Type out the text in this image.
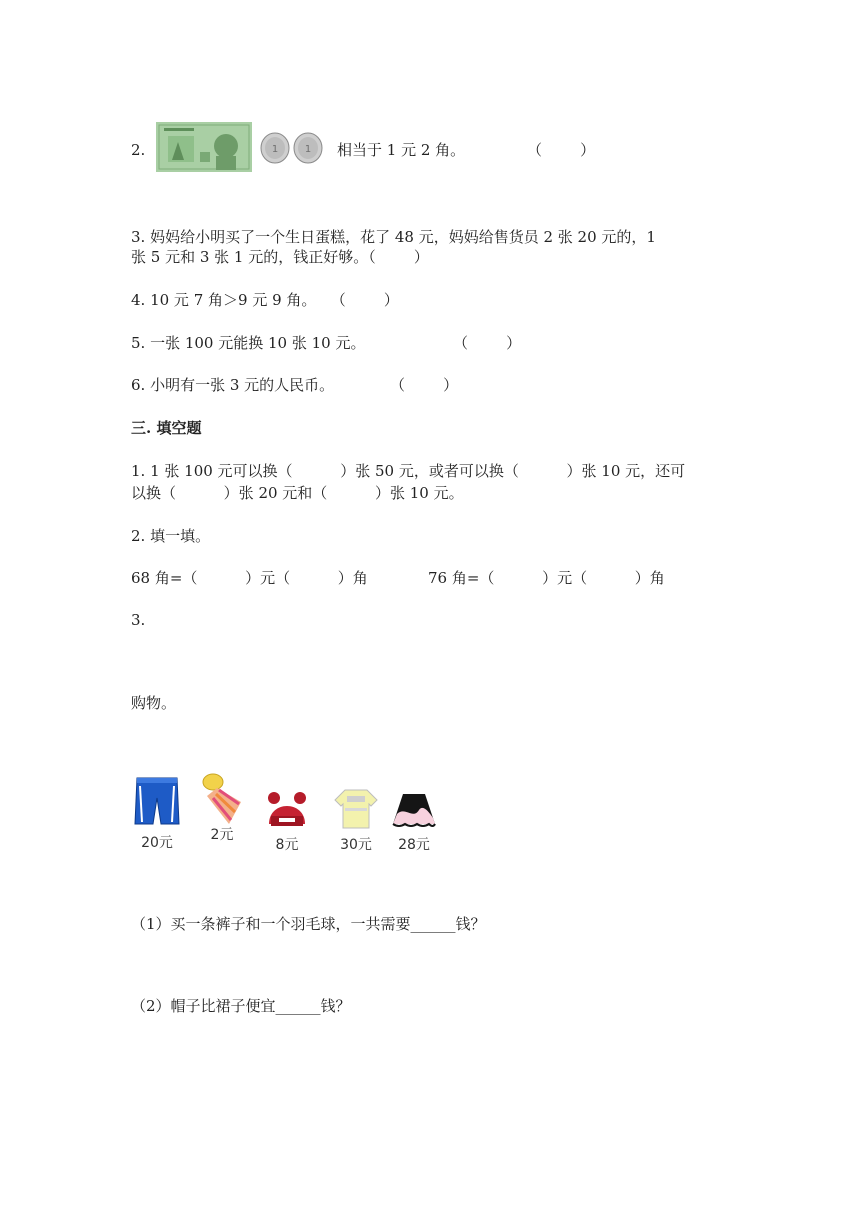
2.	1	1 相当于 1 元 2 角。	（        ）
3. 妈妈给小明买了一个生日蛋糕，花了 48 元，妈妈给售货员 2 张 20 元的，1
张 5 元和 3 张 1 元的，钱正好够。（        ）
4. 10 元 7 角＞9 元 9 角。   （        ）
5. 一张 100 元能换 10 张 10 元。	（        ）
6. 小明有一张 3 元的人民币。	（        ）
三. 填空题
1. 1 张 100 元可以换（          ）张 50 元，或者可以换（          ）张 10 元，还可
以换（          ）张 20 元和（          ）张 10 元。
2. 填一填。
68 角=（          ）元（          ）角	76 角=（          ）元（          ）角
3.
购物。
20元	2元
8元	30元	28元
（1）买一条裤子和一个羽毛球，一共需要______钱？
（2）帽子比裙子便宜______钱？
